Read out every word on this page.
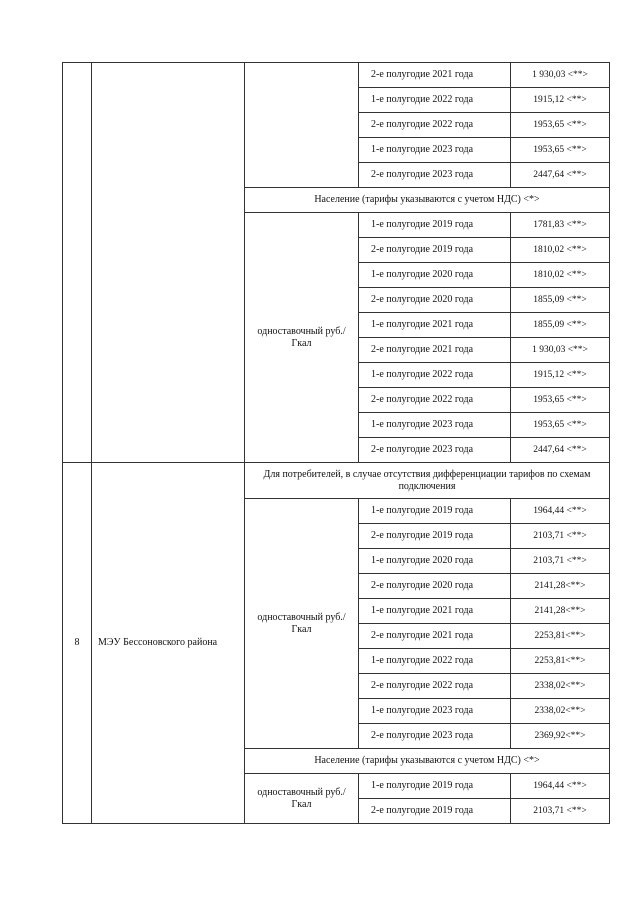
			2-е полугодие 2021 года	1 930,03 <**>
			1-е полугодие 2022 года	1915,12 <**>
			2-е полугодие 2022 года	1953,65 <**>
			1-е полугодие 2023 года	1953,65 <**>
			2-е полугодие 2023 года	2447,64 <**>
		Население (тарифы указываются с учетом НДС) <*>		
		одноставочный руб./Гкал	1-е полугодие 2019 года	1781,83 <**>
			2-е полугодие 2019 года	1810,02 <**>
			1-е полугодие 2020 года	1810,02 <**>
			2-е полугодие 2020 года	1855,09 <**>
			1-е полугодие 2021 года	1855,09 <**>
			2-е полугодие 2021 года	1 930,03 <**>
			1-е полугодие 2022 года	1915,12 <**>
			2-е полугодие 2022 года	1953,65 <**>
			1-е полугодие 2023 года	1953,65 <**>
			2-е полугодие 2023 года	2447,64 <**>
8	МЭУ Бессоновского района	Для потребителей, в случае отсутствия дифференциации тарифов по схемам подключения		
		одноставочный руб./Гкал	1-е полугодие 2019 года	1964,44 <**>
			2-е полугодие 2019 года	2103,71 <**>
			1-е полугодие 2020 года	2103,71 <**>
			2-е полугодие 2020 года	2141,28<**>
			1-е полугодие 2021 года	2141,28<**>
			2-е полугодие 2021 года	2253,81<**>
			1-е полугодие 2022 года	2253,81<**>
			2-е полугодие 2022 года	2338,02<**>
			1-е полугодие 2023 года	2338,02<**>
			2-е полугодие 2023 года	2369,92<**>
		Население (тарифы указываются с учетом НДС) <*>		
		одноставочный руб./Гкал	1-е полугодие 2019 года	1964,44 <**>
			2-е полугодие 2019 года	2103,71 <**>
